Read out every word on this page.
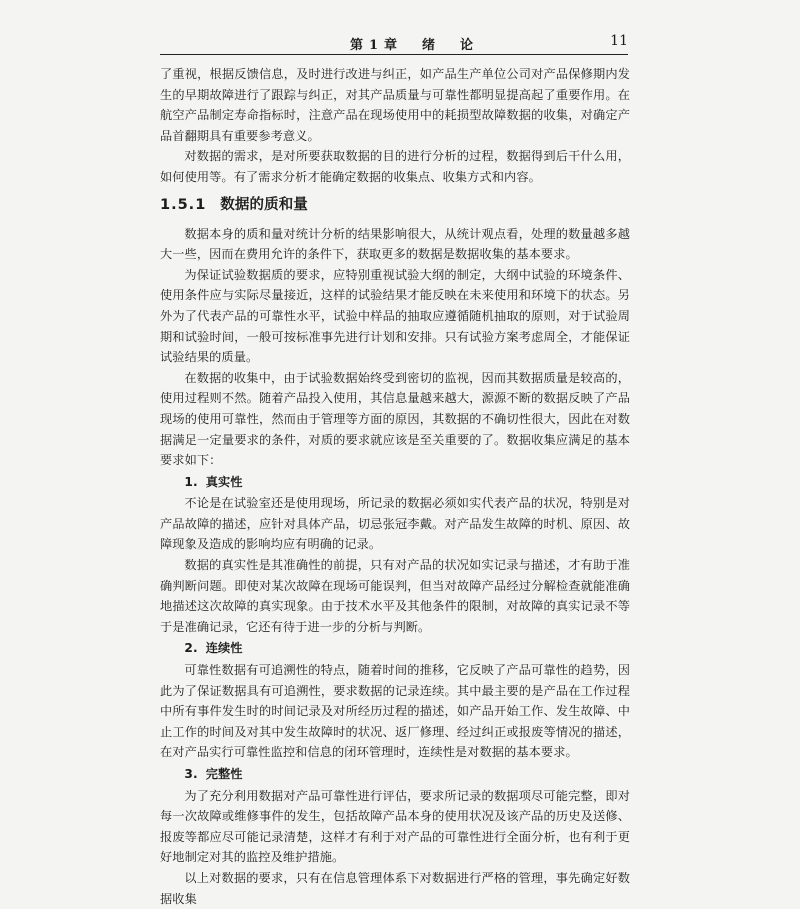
第1章　绪　论	11

了重视，根据反馈信息，及时进行改进与纠正，如产品生产单位公司对产品保修期内发生的早期故障进行了跟踪与纠正，对其产品质量与可靠性都明显提高起了重要作用。在航空产品制定寿命指标时，注意产品在现场使用中的耗损型故障数据的收集，对确定产品首翻期具有重要参考意义。

对数据的需求，是对所要获取数据的目的进行分析的过程，数据得到后干什么用，如何使用等。有了需求分析才能确定数据的收集点、收集方式和内容。

1.5.1 数据的质和量

数据本身的质和量对统计分析的结果影响很大，从统计观点看，处理的数量越多越大一些，因而在费用允许的条件下，获取更多的数据是数据收集的基本要求。

为保证试验数据质的要求，应特别重视试验大纲的制定，大纲中试验的环境条件、使用条件应与实际尽量接近，这样的试验结果才能反映在未来使用和环境下的状态。另外为了代表产品的可靠性水平，试验中样品的抽取应遵循随机抽取的原则，对于试验周期和试验时间，一般可按标准事先进行计划和安排。只有试验方案考虑周全，才能保证试验结果的质量。

在数据的收集中，由于试验数据始终受到密切的监视，因而其数据质量是较高的，使用过程则不然。随着产品投入使用，其信息量越来越大，源源不断的数据反映了产品现场的使用可靠性，然而由于管理等方面的原因，其数据的不确切性很大，因此在对数据满足一定量要求的条件，对质的要求就应该是至关重要的了。数据收集应满足的基本要求如下：

1. 真实性

不论是在试验室还是使用现场，所记录的数据必须如实代表产品的状况，特别是对产品故障的描述，应针对具体产品，切忌张冠李戴。对产品发生故障的时机、原因、故障现象及造成的影响均应有明确的记录。

数据的真实性是其准确性的前提，只有对产品的状况如实记录与描述，才有助于准确判断问题。即使对某次故障在现场可能误判，但当对故障产品经过分解检查就能准确地描述这次故障的真实现象。由于技术水平及其他条件的限制，对故障的真实记录不等于是准确记录，它还有待于进一步的分析与判断。

2. 连续性

可靠性数据有可追溯性的特点，随着时间的推移，它反映了产品可靠性的趋势，因此为了保证数据具有可追溯性，要求数据的记录连续。其中最主要的是产品在工作过程中所有事件发生时的时间记录及对所经历过程的描述，如产品开始工作、发生故障、中止工作的时间及对其中发生故障时的状况、返厂修理、经过纠正或报废等情况的描述，在对产品实行可靠性监控和信息的闭环管理时，连续性是对数据的基本要求。

3. 完整性

为了充分利用数据对产品可靠性进行评估，要求所记录的数据项尽可能完整，即对每一次故障或维修事件的发生，包括故障产品本身的使用状况及该产品的历史及送修、报废等都应尽可能记录清楚，这样才有利于对产品的可靠性进行全面分析，也有利于更好地制定对其的监控及维护措施。

以上对数据的要求，只有在信息管理体系下对数据进行严格的管理，事先确定好数据收集
